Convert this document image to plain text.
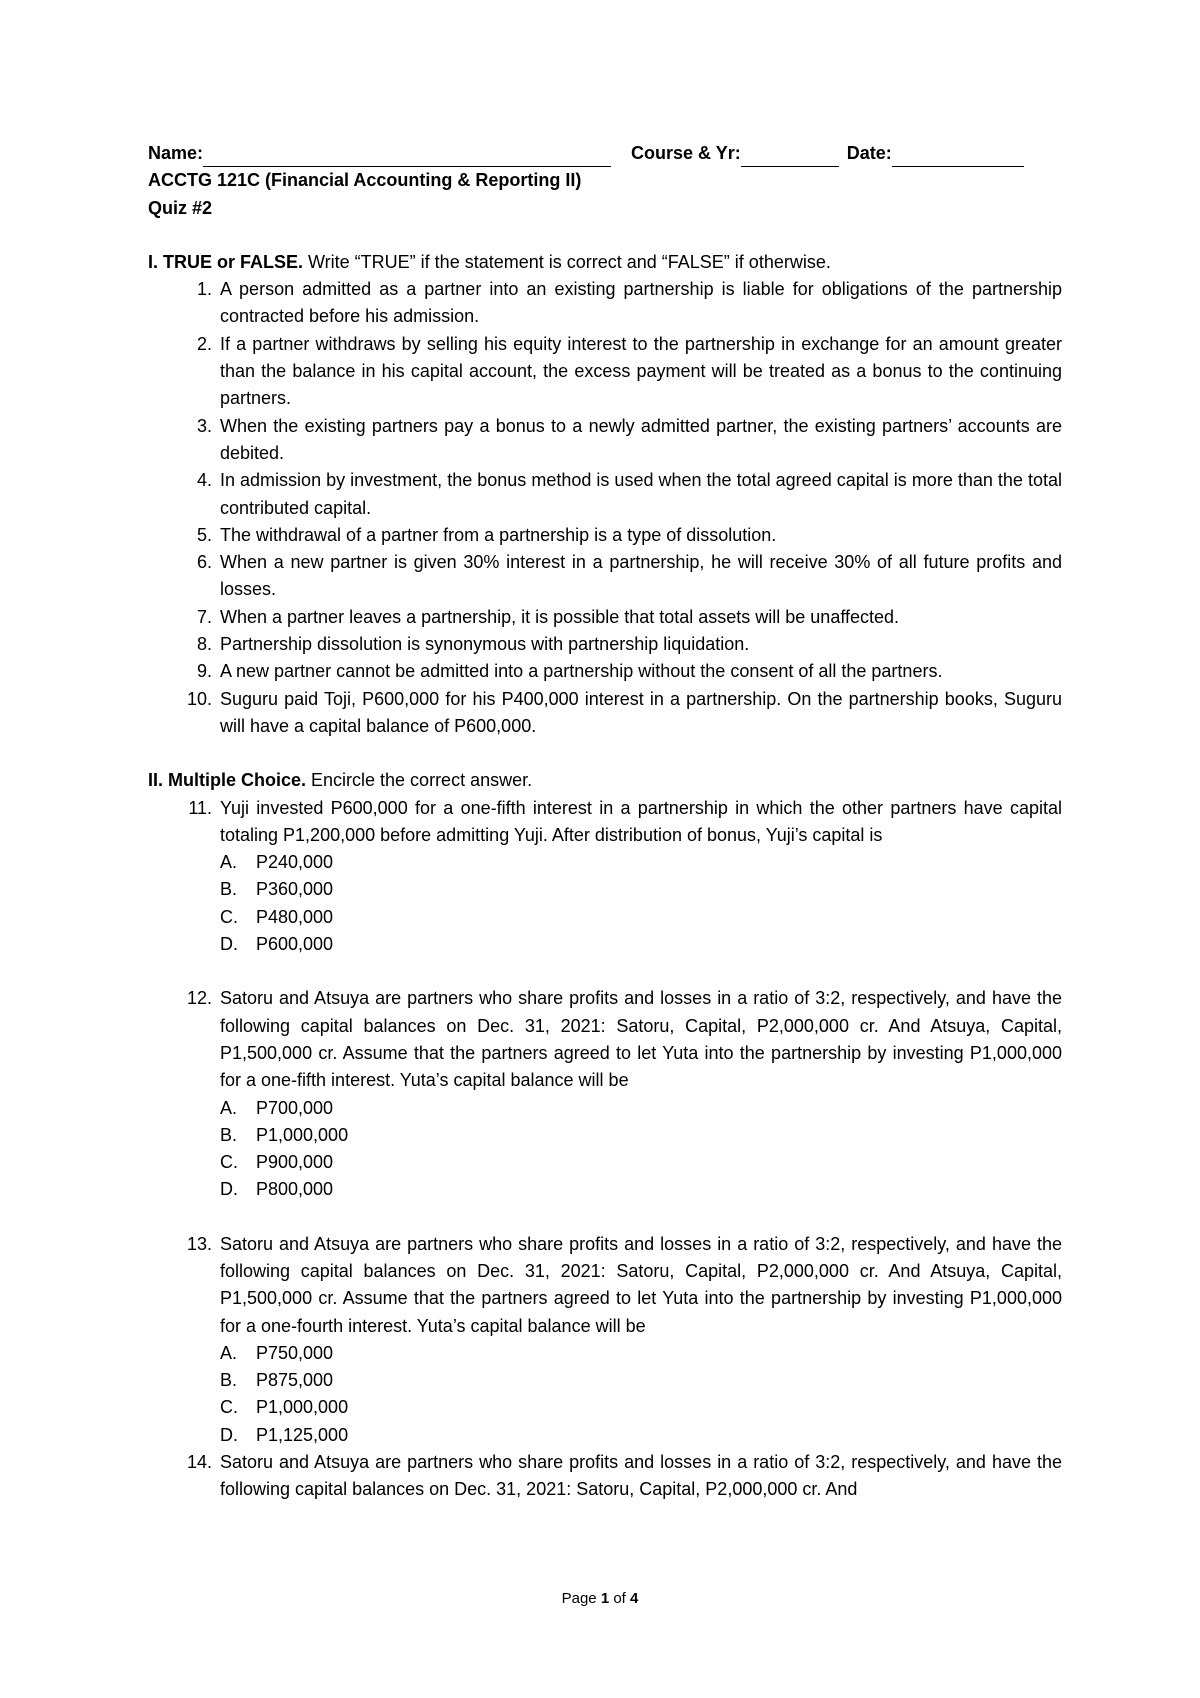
Name:	Course & Yr:	Date:
ACCTG 121C (Financial Accounting & Reporting II)
Quiz #2
I. TRUE or FALSE. Write “TRUE” if the statement is correct and “FALSE” if otherwise.
1. A person admitted as a partner into an existing partnership is liable for obligations of the partnership contracted before his admission.
2. If a partner withdraws by selling his equity interest to the partnership in exchange for an amount greater than the balance in his capital account, the excess payment will be treated as a bonus to the continuing partners.
3. When the existing partners pay a bonus to a newly admitted partner, the existing partners’ accounts are debited.
4. In admission by investment, the bonus method is used when the total agreed capital is more than the total contributed capital.
5. The withdrawal of a partner from a partnership is a type of dissolution.
6. When a new partner is given 30% interest in a partnership, he will receive 30% of all future profits and losses.
7. When a partner leaves a partnership, it is possible that total assets will be unaffected.
8. Partnership dissolution is synonymous with partnership liquidation.
9. A new partner cannot be admitted into a partnership without the consent of all the partners.
10. Suguru paid Toji, P600,000 for his P400,000 interest in a partnership. On the partnership books, Suguru will have a capital balance of P600,000.
II. Multiple Choice. Encircle the correct answer.
11. Yuji invested P600,000 for a one-fifth interest in a partnership in which the other partners have capital totaling P1,200,000 before admitting Yuji. After distribution of bonus, Yuji’s capital is
A.	P240,000
B.	P360,000
C.	P480,000
D.	P600,000
12. Satoru and Atsuya are partners who share profits and losses in a ratio of 3:2, respectively, and have the following capital balances on Dec. 31, 2021: Satoru, Capital, P2,000,000 cr. And Atsuya, Capital, P1,500,000 cr. Assume that the partners agreed to let Yuta into the partnership by investing P1,000,000 for a one-fifth interest. Yuta’s capital balance will be
A.	P700,000
B.	P1,000,000
C.	P900,000
D.	P800,000
13. Satoru and Atsuya are partners who share profits and losses in a ratio of 3:2, respectively, and have the following capital balances on Dec. 31, 2021: Satoru, Capital, P2,000,000 cr. And Atsuya, Capital, P1,500,000 cr. Assume that the partners agreed to let Yuta into the partnership by investing P1,000,000 for a one-fourth interest. Yuta’s capital balance will be
A.	P750,000
B.	P875,000
C.	P1,000,000
D.	P1,125,000
14. Satoru and Atsuya are partners who share profits and losses in a ratio of 3:2, respectively, and have the following capital balances on Dec. 31, 2021: Satoru, Capital, P2,000,000 cr. And
Page 1 of 4
